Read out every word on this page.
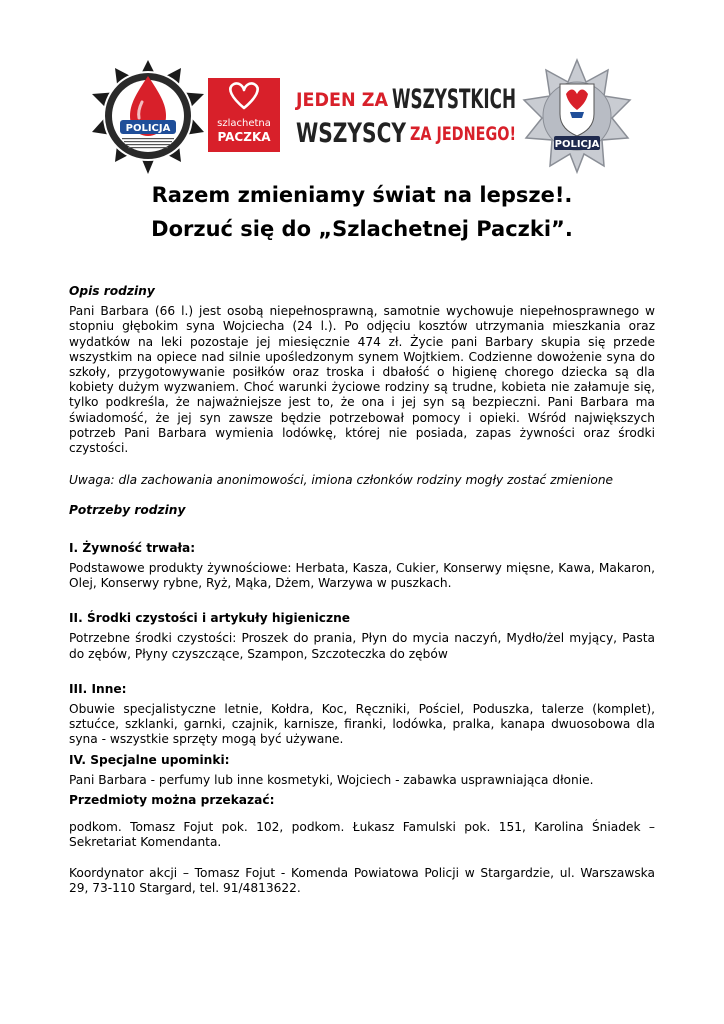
POLICJA	szlachetna
PACZKA
JEDEN ZA WSZYSTKICH
WSZYSCY ZA JEDNEGO!	POLICJA
Razem zmieniamy świat na lepsze!.
Dorzuć się do „Szlachetnej Paczki”.

Opis rodziny

Pani Barbara (66 l.) jest osobą niepełnosprawną, samotnie wychowuje niepełnosprawnego w stopniu głębokim syna Wojciecha (24 l.). Po odjęciu kosztów utrzymania mieszkania oraz wydatków na leki pozostaje jej miesięcznie 474 zł. Życie pani Barbary skupia się przede wszystkim na opiece nad silnie upośledzonym synem Wojtkiem. Codzienne dowożenie syna do szkoły, przygotowywanie posiłków oraz troska i dbałość o higienę chorego dziecka są dla kobiety dużym wyzwaniem. Choć warunki życiowe rodziny są trudne, kobieta nie załamuje się, tylko podkreśla, że najważniejsze jest to, że ona i jej syn są bezpieczni. Pani Barbara ma świadomość, że jej syn zawsze będzie potrzebował pomocy i opieki. Wśród największych potrzeb Pani Barbara wymienia lodówkę, której nie posiada, zapas żywności oraz środki czystości.

Uwaga: dla zachowania anonimowości, imiona członków rodziny mogły zostać zmienione

Potrzeby rodziny

I. Żywność trwała:

Podstawowe produkty żywnościowe: Herbata, Kasza, Cukier, Konserwy mięsne, Kawa, Makaron, Olej, Konserwy rybne, Ryż, Mąka, Dżem, Warzywa w puszkach.

II. Środki czystości i artykuły higieniczne

Potrzebne środki czystości: Proszek do prania, Płyn do mycia naczyń, Mydło/żel myjący, Pasta do zębów, Płyny czyszczące, Szampon, Szczoteczka do zębów

III. Inne:

Obuwie specjalistyczne letnie, Kołdra, Koc, Ręczniki, Pościel, Poduszka, talerze (komplet), sztućce, szklanki, garnki, czajnik, karnisze, firanki, lodówka, pralka, kanapa dwuosobowa dla syna - wszystkie sprzęty mogą być używane.

IV. Specjalne upominki:

Pani Barbara - perfumy lub inne kosmetyki, Wojciech - zabawka usprawniająca dłonie.

Przedmioty można przekazać:

podkom. Tomasz Fojut pok. 102, podkom. Łukasz Famulski pok. 151, Karolina Śniadek – Sekretariat Komendanta.

Koordynator akcji – Tomasz Fojut - Komenda Powiatowa Policji w Stargardzie, ul. Warszawska 29, 73-110 Stargard, tel. 91/4813622.
